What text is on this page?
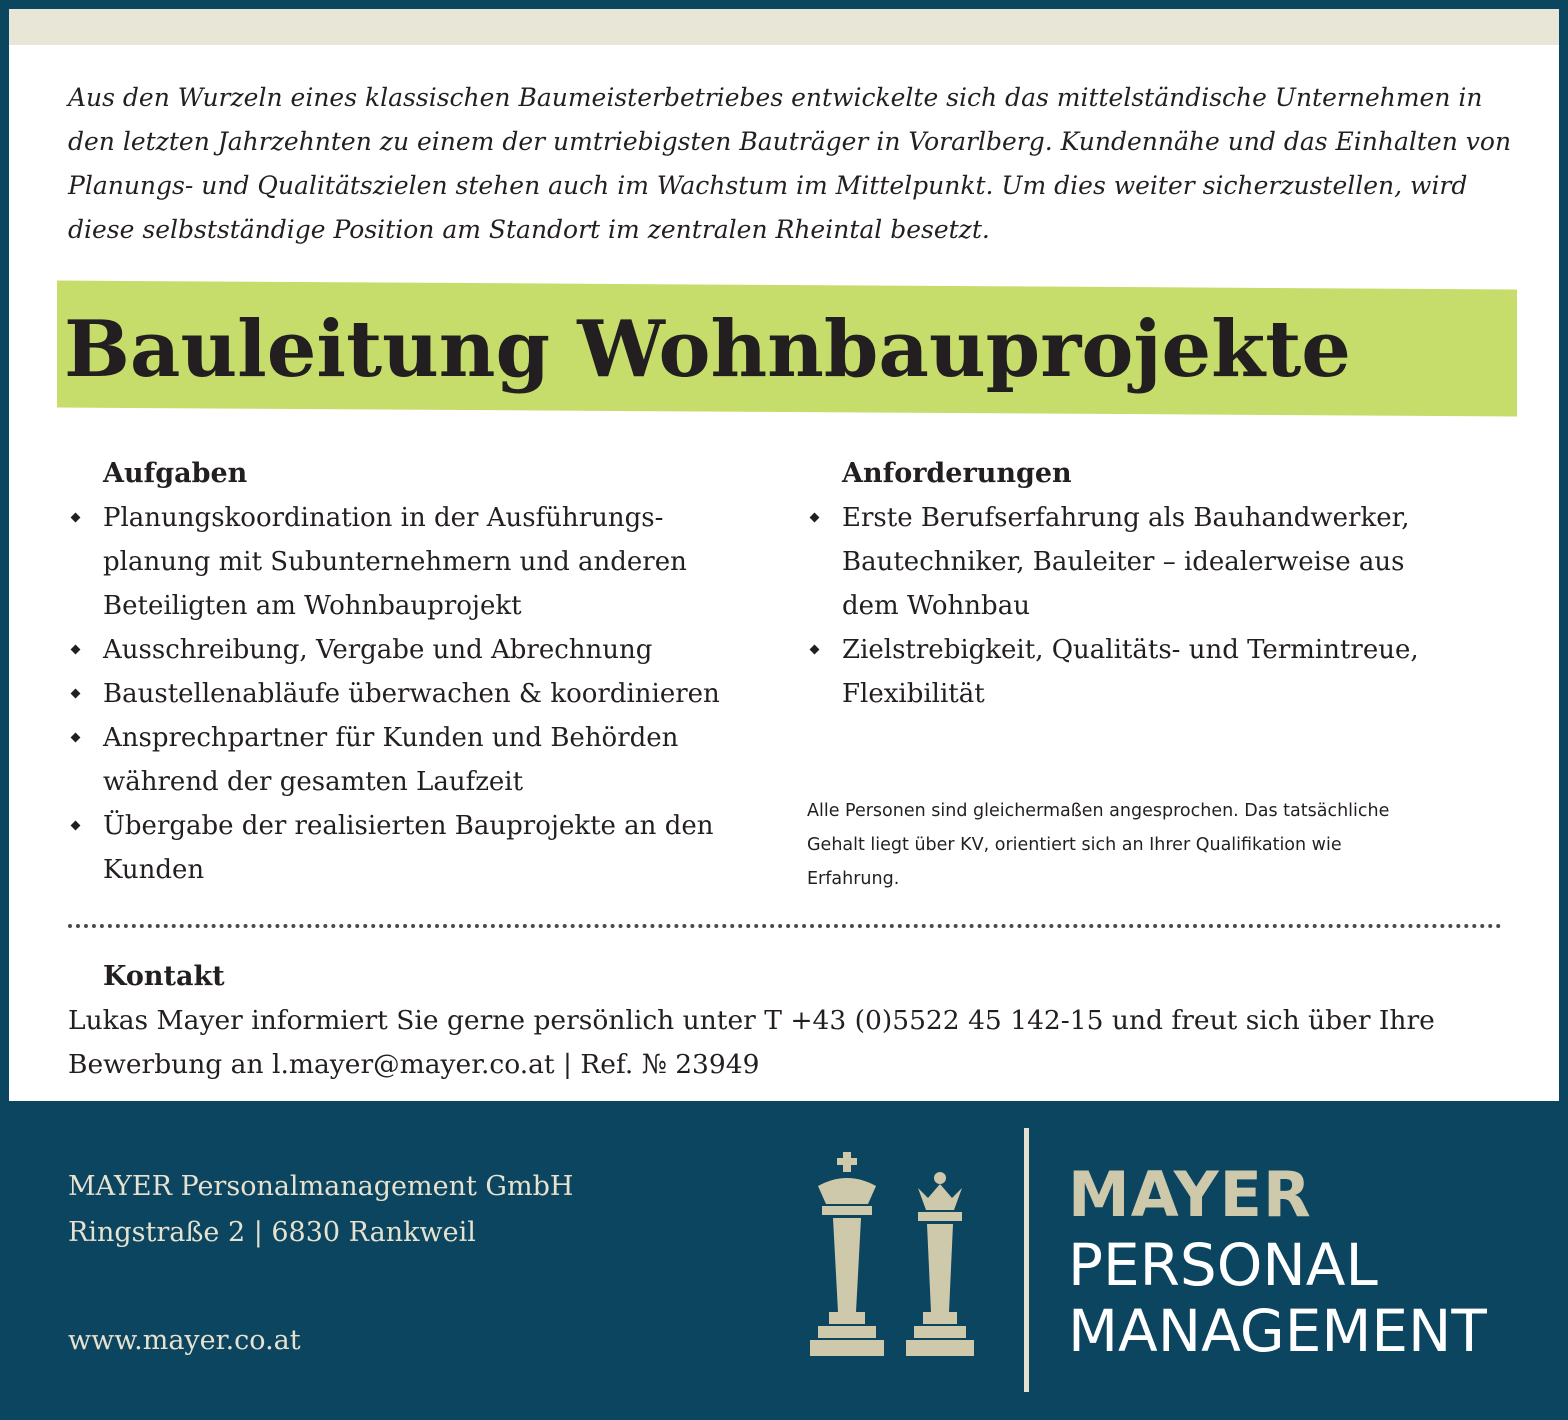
Aus den Wurzeln eines klassischen Baumeisterbetriebes entwickelte sich das mittelständische Unternehmen in
den letzten Jahrzehnten zu einem der umtriebigsten Bauträger in Vorarlberg. Kundennähe und das Einhalten von
Planungs- und Qualitätszielen stehen auch im Wachstum im Mittelpunkt. Um dies weiter sicherzustellen, wird
diese selbstständige Position am Standort im zentralen Rheintal besetzt.

Bauleitung Wohnbauprojekte
Aufgaben
Planungskoordination in der Ausführungs-
planung mit Subunternehmern und anderen
Beteiligten am Wohnbauprojekt
Ausschreibung, Vergabe und Abrechnung
Baustellenabläufe überwachen & koordinieren
Ansprechpartner für Kunden und Behörden
während der gesamten Laufzeit
Übergabe der realisierten Bauprojekte an den
Kunden
Anforderungen
Erste Berufserfahrung als Bauhandwerker,
Bautechniker, Bauleiter – idealerweise aus
dem Wohnbau
Zielstrebigkeit, Qualitäts- und Termintreue,
Flexibilität

Alle Personen sind gleichermaßen angesprochen. Das tatsächliche
Gehalt liegt über KV, orientiert sich an Ihrer Qualifikation wie
Erfahrung.

Kontakt

Lukas Mayer informiert Sie gerne persönlich unter T +43 (0)5522 45 142-15 und freut sich über Ihre
Bewerbung an l.mayer@mayer.co.at | Ref. № 23949

MAYER Personalmanagement GmbH
Ringstraße 2 | 6830 Rankweil

www.mayer.co.at

MAYER

PERSONAL

MANAGEMENT
